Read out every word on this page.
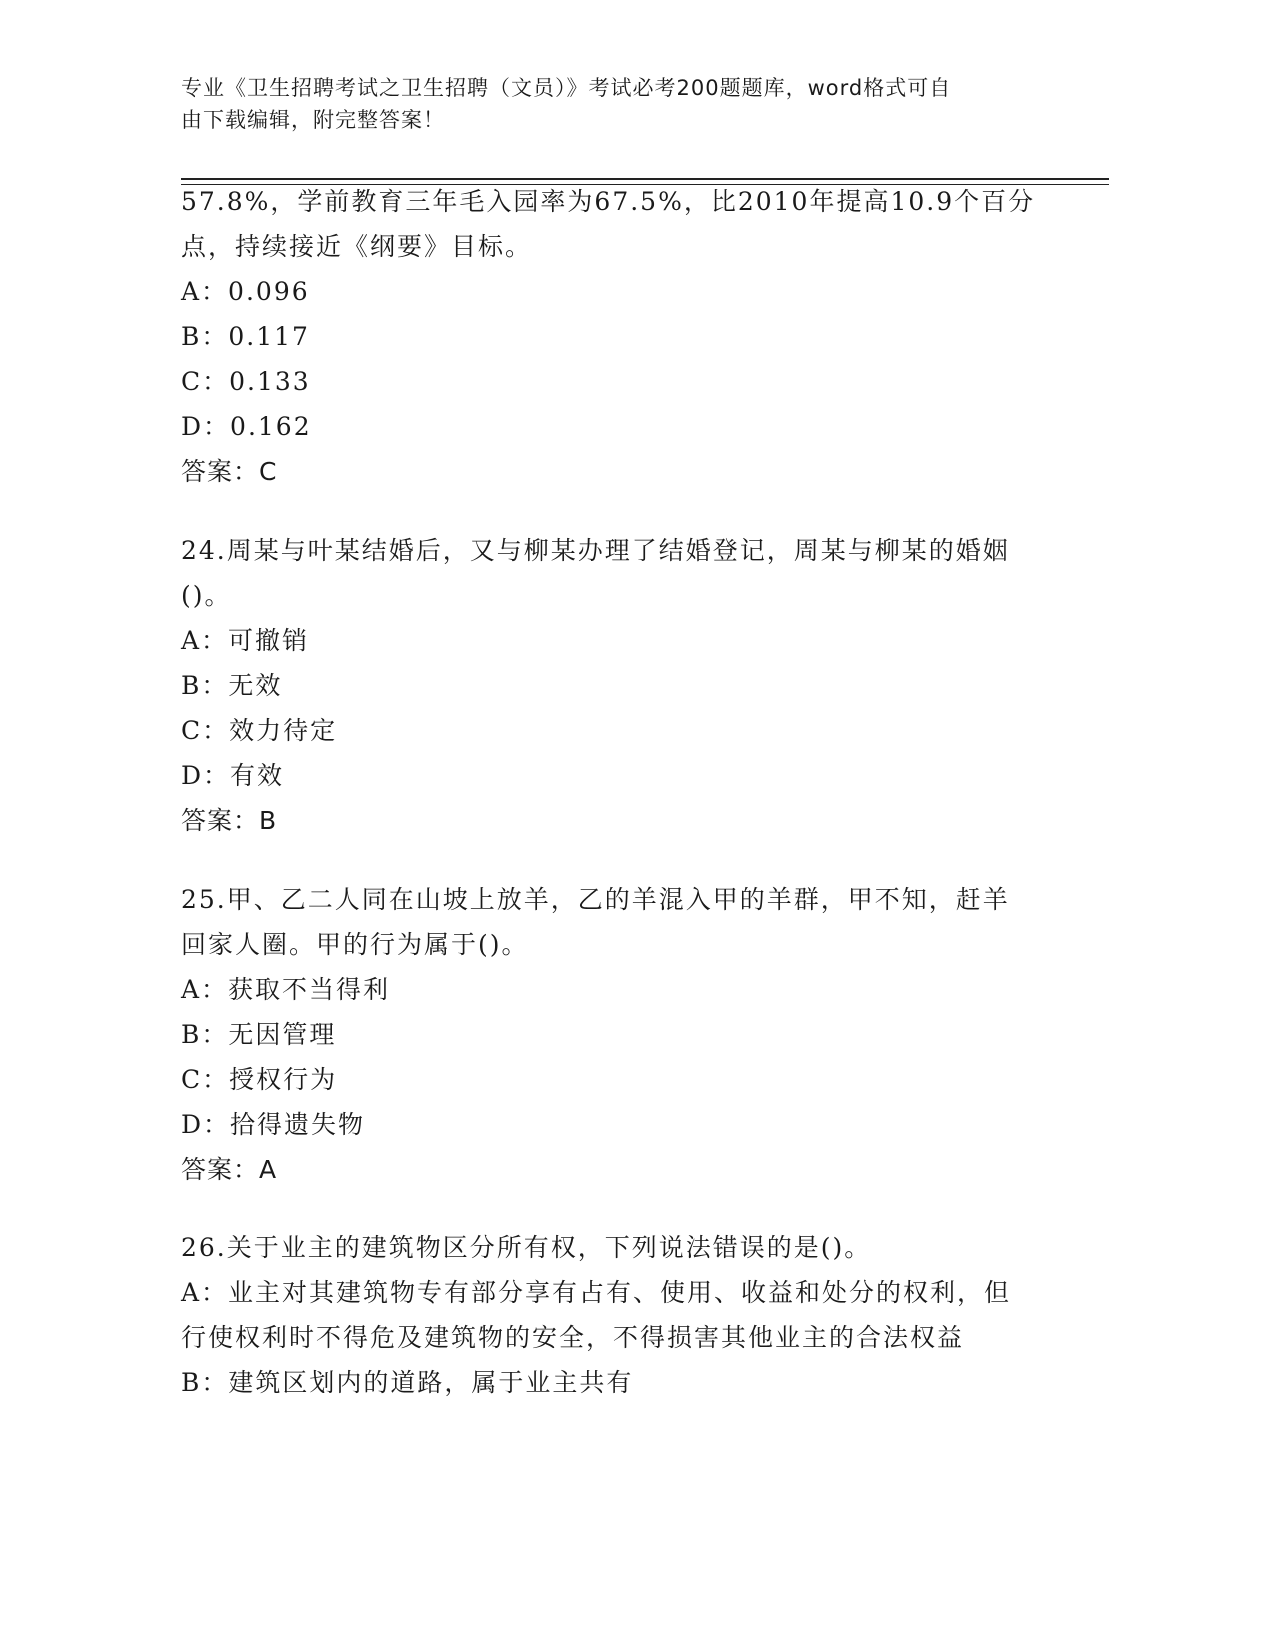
专业《卫生招聘考试之卫生招聘（文员）》考试必考200题题库，word格式可自
由下载编辑，附完整答案！
57.8%，学前教育三年毛入园率为67.5%，比2010年提高10.9个百分
点，持续接近《纲要》目标。
A：0.096
B：0.117
C：0.133
D：0.162
答案：C
24.周某与叶某结婚后，又与柳某办理了结婚登记，周某与柳某的婚姻
()。
A：可撤销
B：无效
C：效力待定
D：有效
答案：B
25.甲、乙二人同在山坡上放羊，乙的羊混入甲的羊群，甲不知，赶羊
回家人圈。甲的行为属于()。
A：获取不当得利
B：无因管理
C：授权行为
D：拾得遗失物
答案：A
26.关于业主的建筑物区分所有权，下列说法错误的是()。
A：业主对其建筑物专有部分享有占有、使用、收益和处分的权利，但
行使权利时不得危及建筑物的安全，不得损害其他业主的合法权益
B：建筑区划内的道路，属于业主共有
